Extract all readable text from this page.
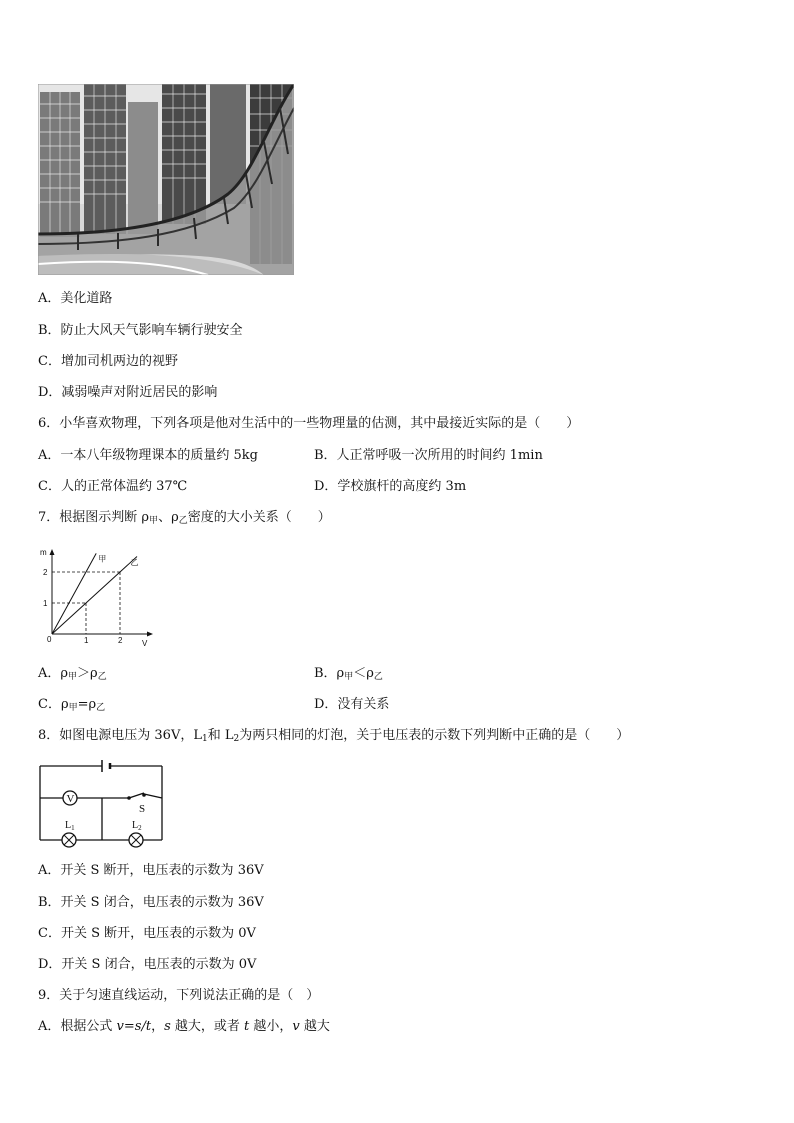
A．美化道路
B．防止大风天气影响车辆行驶安全
C．增加司机两边的视野
D．减弱噪声对附近居民的影响
6．小华喜欢物理，下列各项是他对生活中的一些物理量的估测，其中最接近实际的是（　　）
A．一本八年级物理课本的质量约 5kg	B．人正常呼吸一次所用的时间约 1min
C．人的正常体温约 37℃	D．学校旗杆的高度约 3m
7．根据图示判断 $\rho_甲$、$\rho_乙$密度的大小关系（　　）
m
V
0
1
2
1	2
甲	乙
A．$\rho_甲>\rho_乙$	B．$\rho_甲<\rho_乙$
C．$\rho_甲=\rho_乙$	D．没有关系
8．如图电源电压为 36V，$L_1$和 $L_2$为两只相同的灯泡，关于电压表的示数下列判断中正确的是（　　）
V
S
$L_1$	$L_2$
A．开关 S 断开，电压表的示数为 36V
B．开关 S 闭合，电压表的示数为 36V
C．开关 S 断开，电压表的示数为 0V
D．开关 S 闭合，电压表的示数为 0V
9．关于匀速直线运动，下列说法正确的是（　）
A．根据公式 v=s/t，s 越大，或者 t 越小，v 越大
